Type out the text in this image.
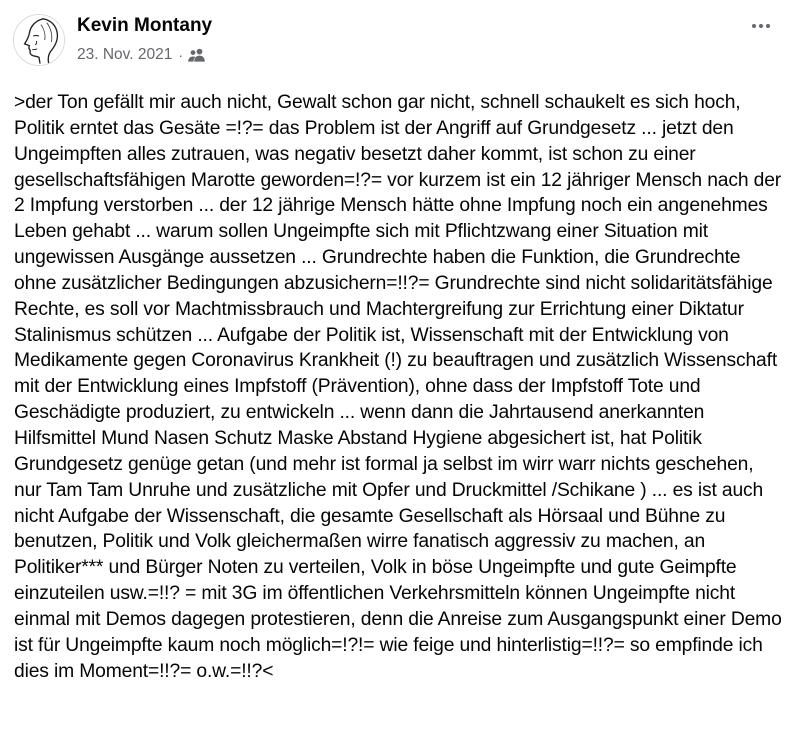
Kevin Montany
23. Nov. 2021 ·
>der Ton gefällt mir auch nicht, Gewalt schon gar nicht, schnell schaukelt es sich hoch, Politik erntet das Gesäte =!?= das Problem ist der Angriff auf Grundgesetz ... jetzt den Ungeimpften alles zutrauen, was negativ besetzt daher kommt, ist schon zu einer gesellschaftsfähigen Marotte geworden=!?= vor kurzem ist ein 12 jähriger Mensch nach der 2 Impfung verstorben ... der 12 jährige Mensch hätte ohne Impfung noch ein angenehmes Leben gehabt ... warum sollen Ungeimpfte sich mit Pflichtzwang einer Situation mit ungewissen Ausgänge aussetzen ... Grundrechte haben die Funktion, die Grundrechte ohne zusätzlicher Bedingungen abzusichern=!!?= Grundrechte sind nicht solidaritätsfähige Rechte, es soll vor Machtmissbrauch und Machtergreifung zur Errichtung einer Diktatur Stalinismus schützen ... Aufgabe der Politik ist, Wissenschaft mit der Entwicklung von Medikamente gegen Coronavirus Krankheit (!) zu beauftragen und zusätzlich Wissenschaft mit der Entwicklung eines Impfstoff (Prävention), ohne dass der Impfstoff Tote und Geschädigte produziert, zu entwickeln ... wenn dann die Jahrtausend anerkannten Hilfsmittel Mund Nasen Schutz Maske Abstand Hygiene abgesichert ist, hat Politik Grundgesetz genüge getan (und mehr ist formal ja selbst im wirr warr nichts geschehen, nur Tam Tam Unruhe und zusätzliche mit Opfer und Druckmittel /Schikane ) ... es ist auch nicht Aufgabe der Wissenschaft, die gesamte Gesellschaft als Hörsaal und Bühne zu benutzen, Politik und Volk gleichermaßen wirre fanatisch aggressiv zu machen, an Politiker*** und Bürger Noten zu verteilen, Volk in böse Ungeimpfte und gute Geimpfte einzuteilen usw.=!!? = mit 3G im öffentlichen Verkehrsmitteln können Ungeimpfte nicht einmal mit Demos dagegen protestieren, denn die Anreise zum Ausgangspunkt einer Demo ist für Ungeimpfte kaum noch möglich=!?!= wie feige und hinterlistig=!!?= so empfinde ich dies im Moment=!!?= o.w.=!!?<
